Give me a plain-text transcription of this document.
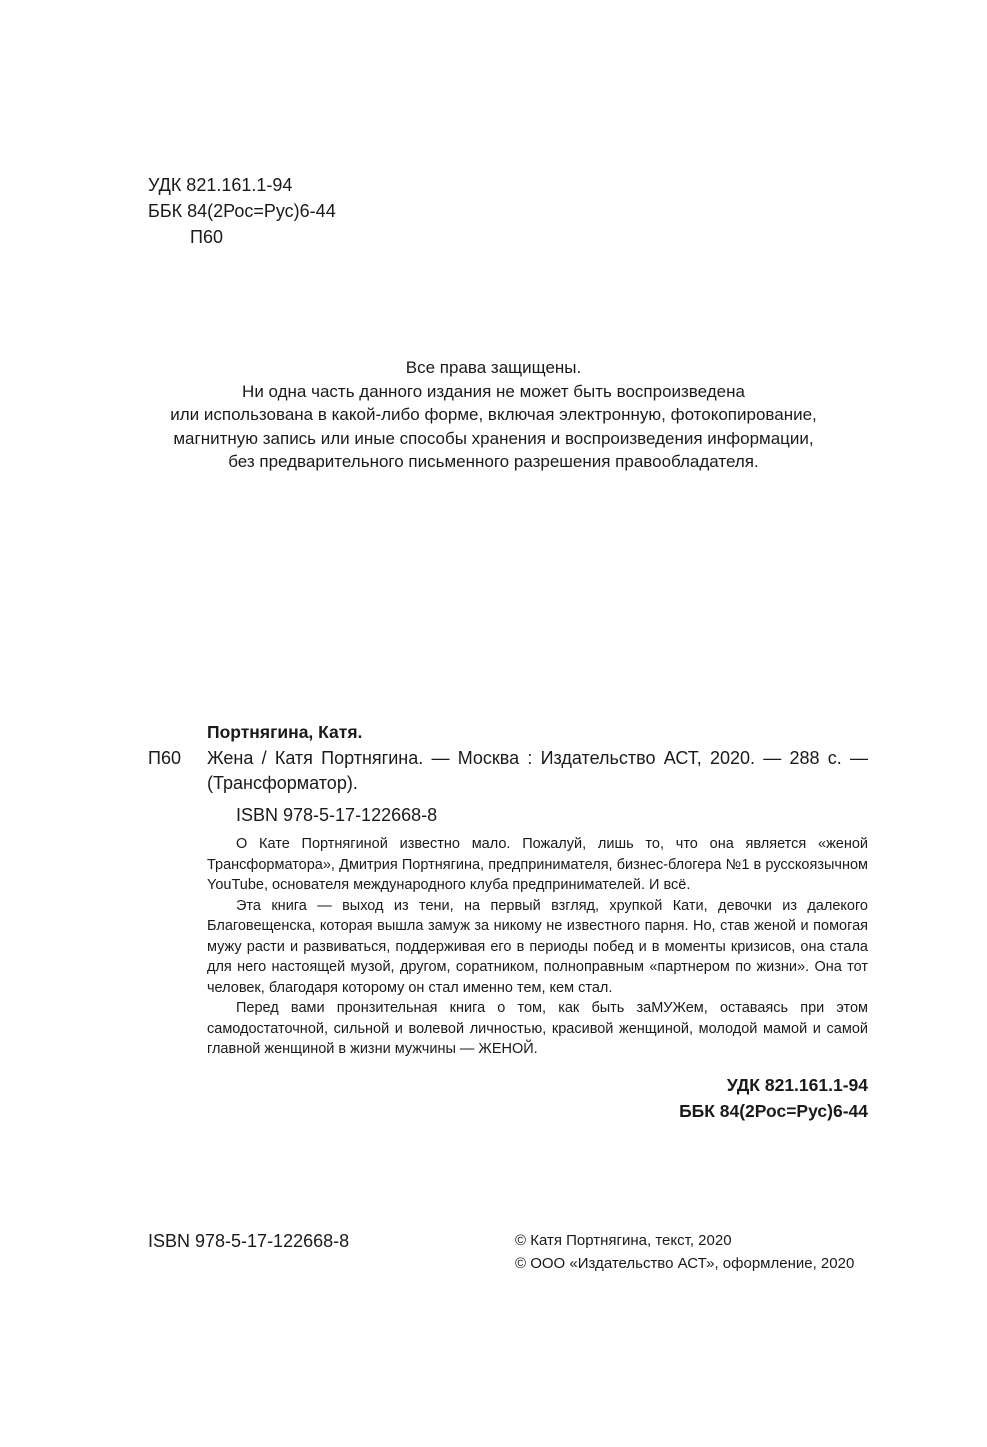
УДК 821.161.1-94
ББК 84(2Рос=Рус)6-44
П60
Все права защищены.
Ни одна часть данного издания не может быть воспроизведена
или использована в какой-либо форме, включая электронную, фотокопирование,
магнитную запись или иные способы хранения и воспроизведения информации,
без предварительного письменного разрешения правообладателя.
Портнягина, Катя.
П60	Жена / Катя Портнягина. — Москва : Издательство АСТ, 2020. — 288 с. — (Трансформатор).
ISBN 978-5-17-122668-8

О Кате Портнягиной известно мало. Пожалуй, лишь то, что она является «женой Трансформатора», Дмитрия Портнягина, предпринимателя, бизнес-блогера №1 в русскоязычном YouTube, основателя международного клуба предпринимателей. И всё.

Эта книга — выход из тени, на первый взгляд, хрупкой Кати, девочки из далекого Благовещенска, которая вышла замуж за никому не известного парня. Но, став женой и помогая мужу расти и развиваться, поддерживая его в периоды побед и в моменты кризисов, она стала для него настоящей музой, другом, соратником, полноправным «партнером по жизни». Она тот человек, благодаря которому он стал именно тем, кем стал.

Перед вами пронзительная книга о том, как быть заМУЖем, оставаясь при этом самодостаточной, сильной и волевой личностью, красивой женщиной, молодой мамой и самой главной женщиной в жизни мужчины — ЖЕНОЙ.

УДК 821.161.1-94
ББК 84(2Рос=Рус)6-44
ISBN 978-5-17-122668-8	© Катя Портнягина, текст, 2020
© ООО «Издательство АСТ», оформление, 2020
